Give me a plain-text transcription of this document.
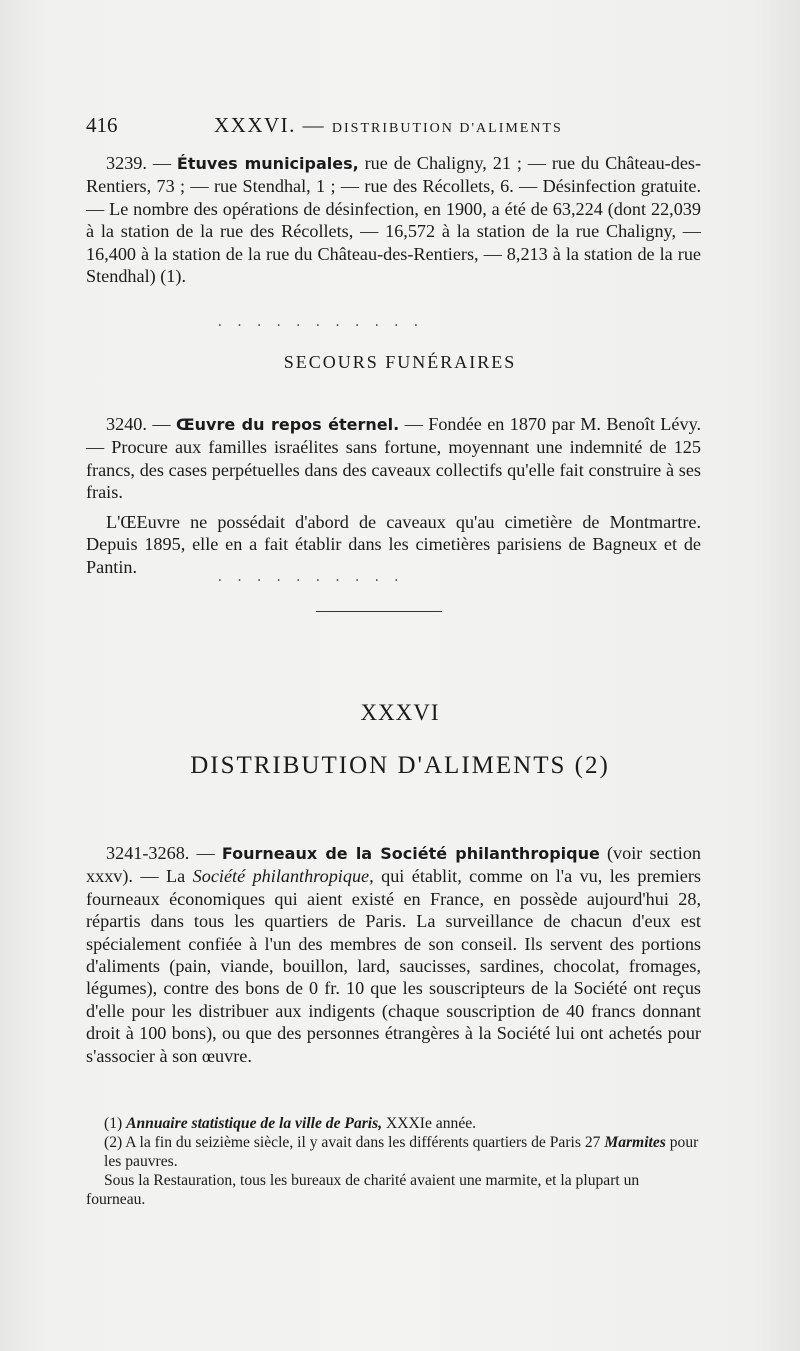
416	XXXVI. — DISTRIBUTION D'ALIMENTS
3239. — Étuves municipales, rue de Chaligny, 21 ; — rue du Château-des-Rentiers, 73 ; — rue Stendhal, 1 ; — rue des Récollets, 6. — Désinfection gratuite. — Le nombre des opérations de désinfection, en 1900, a été de 63,224 (dont 22,039 à la station de la rue des Récollets, — 16,572 à la station de la rue Chaligny, — 16,400 à la station de la rue du Château-des-Rentiers, — 8,213 à la station de la rue Stendhal) (1).
. . . . . . . . . . .
SECOURS FUNÉRAIRES
3240. — Œuvre du repos éternel. — Fondée en 1870 par M. Benoît Lévy. — Procure aux familles israélites sans fortune, moyennant une indemnité de 125 francs, des cases perpétuelles dans des caveaux collectifs qu'elle fait construire à ses frais.
L'ŒEuvre ne possédait d'abord de caveaux qu'au cimetière de Montmartre. Depuis 1895, elle en a fait établir dans les cimetières parisiens de Bagneux et de Pantin.
. . . . . . . . . .
XXXVI
DISTRIBUTION D'ALIMENTS (2)
3241-3268. — Fourneaux de la Société philanthropique (voir section xxxv). — La Société philanthropique, qui établit, comme on l'a vu, les premiers fourneaux économiques qui aient existé en France, en possède aujourd'hui 28, répartis dans tous les quartiers de Paris. La surveillance de chacun d'eux est spécialement confiée à l'un des membres de son conseil. Ils servent des portions d'aliments (pain, viande, bouillon, lard, saucisses, sardines, chocolat, fromages, légumes), contre des bons de 0 fr. 10 que les souscripteurs de la Société ont reçus d'elle pour les distribuer aux indigents (chaque souscription de 40 francs donnant droit à 100 bons), ou que des personnes étrangères à la Société lui ont achetés pour s'associer à son œuvre.

(1) Annuaire statistique de la ville de Paris, XXXIe année.

(2) A la fin du seizième siècle, il y avait dans les différents quartiers de Paris 27 Marmites pour les pauvres.

Sous la Restauration, tous les bureaux de charité avaient une marmite, et la plupart un fourneau.
